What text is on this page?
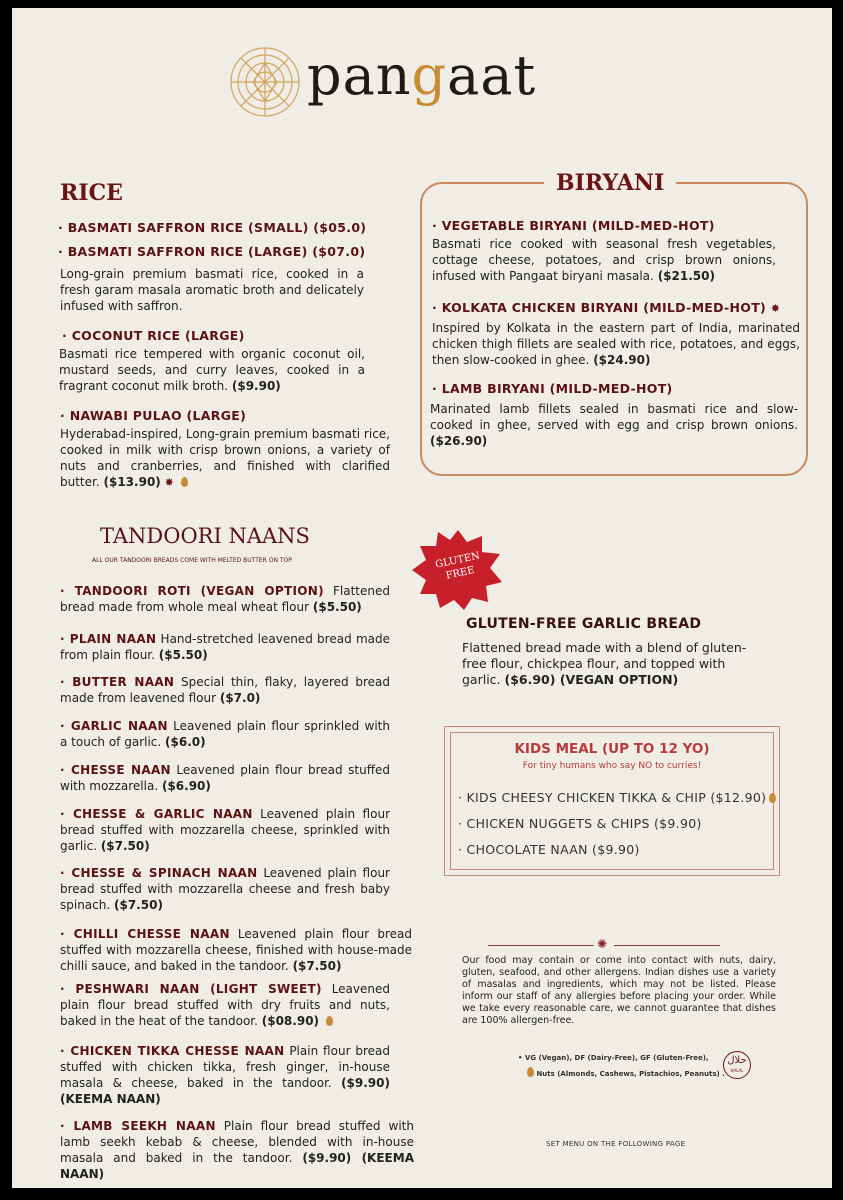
pangaat
RICE
· BASMATI SAFFRON RICE (SMALL) ($05.0)
· BASMATI SAFFRON RICE (LARGE) ($07.0)
Long-grain premium basmati rice, cooked in a fresh garam masala aromatic broth and delicately infused with saffron.
· COCONUT RICE (LARGE)
Basmati rice tempered with organic coconut oil, mustard seeds, and curry leaves, cooked in a fragrant coconut milk broth. ($9.90)
· NAWABI PULAO (LARGE)
Hyderabad-inspired, Long-grain premium basmati rice, cooked in milk with crisp brown onions, a variety of nuts and cranberries, and finished with clarified butter. ($13.90) ✸
BIRYANI
· VEGETABLE BIRYANI (MILD-MED-HOT)
Basmati rice cooked with seasonal fresh vegetables, cottage cheese, potatoes, and crisp brown onions, infused with Pangaat biryani masala. ($21.50)
· KOLKATA CHICKEN BIRYANI (MILD-MED-HOT) ✸
Inspired by Kolkata in the eastern part of India, marinated chicken thigh fillets are sealed with rice, potatoes, and eggs, then slow-cooked in ghee. ($24.90)
· LAMB BIRYANI (MILD-MED-HOT)
Marinated lamb fillets sealed in basmati rice and slow-cooked in ghee, served with egg and crisp brown onions. ($26.90)
TANDOORI NAANS
ALL OUR TANDOORI BREADS COME WITH MELTED BUTTER ON TOP.
· TANDOORI ROTI (VEGAN OPTION) Flattened bread made from whole meal wheat flour ($5.50)
· PLAIN NAAN Hand-stretched leavened bread made from plain flour. ($5.50)
· BUTTER NAAN Special thin, flaky, layered bread made from leavened flour ($7.0)
· GARLIC NAAN Leavened plain flour sprinkled with a touch of garlic. ($6.0)
· CHESSE NAAN Leavened plain flour bread stuffed with mozzarella. ($6.90)
· CHESSE & GARLIC NAAN Leavened plain flour bread stuffed with mozzarella cheese, sprinkled with garlic. ($7.50)
· CHESSE & SPINACH NAAN Leavened plain flour bread stuffed with mozzarella cheese and fresh baby spinach. ($7.50)
· CHILLI CHESSE NAAN Leavened plain flour bread stuffed with mozzarella cheese, finished with house-made chilli sauce, and baked in the tandoor. ($7.50)
· PESHWARI NAAN (LIGHT SWEET) Leavened plain flour bread stuffed with dry fruits and nuts, baked in the heat of the tandoor. ($08.90)
· CHICKEN TIKKA CHESSE NAAN Plain flour bread stuffed with chicken tikka, fresh ginger, in-house masala & cheese, baked in the tandoor. ($9.90) (KEEMA NAAN)
· LAMB SEEKH NAAN Plain flour bread stuffed with lamb seekh kebab & cheese, blended with in-house masala and baked in the tandoor. ($9.90) (KEEMA NAAN)
GLUTEN FREE
GLUTEN-FREE GARLIC BREAD
Flattened bread made with a blend of gluten-free flour, chickpea flour, and topped with garlic. ($6.90) (VEGAN OPTION)
KIDS MEAL (UP TO 12 YO)
For tiny humans who say NO to curries!
· KIDS CHEESY CHICKEN TIKKA & CHIP ($12.90)
· CHICKEN NUGGETS & CHIPS ($9.90)
· CHOCOLATE NAAN ($9.90)
✺
Our food may contain or come into contact with nuts, dairy, gluten, seafood, and other allergens. Indian dishes use a variety of masalas and ingredients, which may not be listed. Please inform our staff of any allergies before placing your order. While we take every reasonable care, we cannot guarantee that dishes are 100% allergen-free.
• VG (Vegan), DF (Dairy-Free), GF (Gluten-Free),
Nuts (Almonds, Cashews, Pistachios, Peanuts) .
حلال
HALAL
SET MENU ON THE FOLLOWING PAGE
